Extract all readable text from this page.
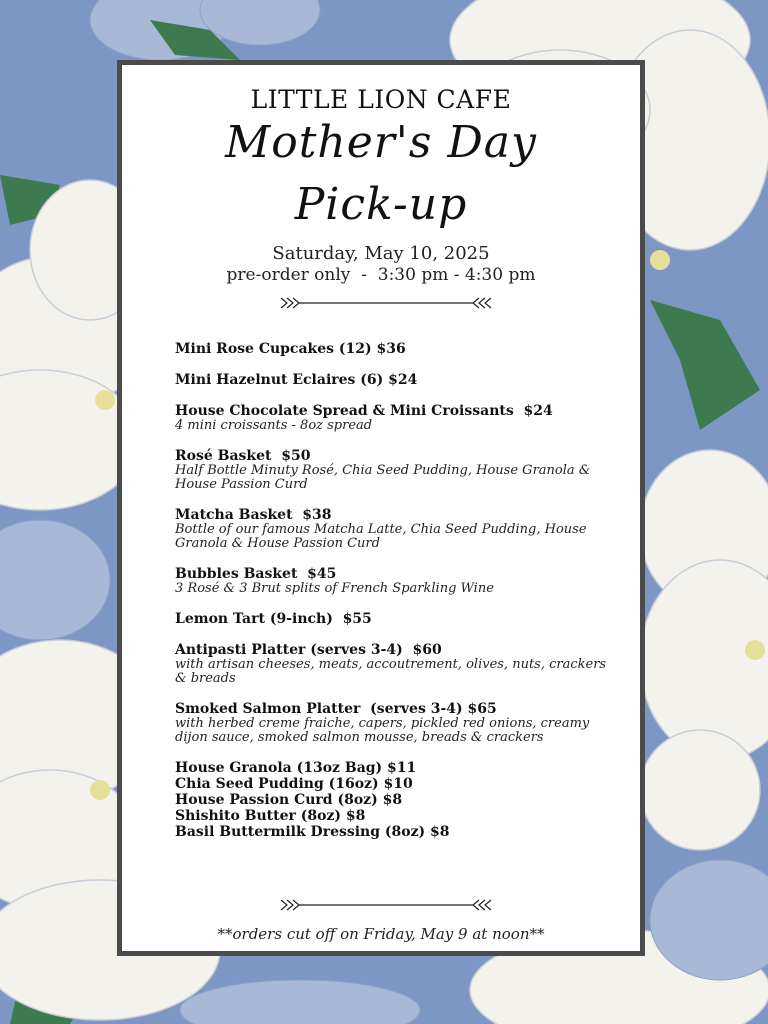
LITTLE LION CAFE
Mother's Day
Pick-up
Saturday, May 10, 2025
pre-order only  -  3:30 pm - 4:30 pm
Mini Rose Cupcakes (12) $36
Mini Hazelnut Eclaires (6) $24
House Chocolate Spread & Mini Croissants  $24
4 mini croissants - 8oz spread
Rosé Basket  $50
Half Bottle Minuty Rosé, Chia Seed Pudding, House Granola & House Passion Curd
Matcha Basket  $38
Bottle of our famous Matcha Latte, Chia Seed Pudding, House Granola & House Passion Curd
Bubbles Basket  $45
3 Rosé & 3 Brut splits of French Sparkling Wine
Lemon Tart (9-inch)  $55
Antipasti Platter (serves 3-4)  $60
with artisan cheeses, meats, accoutrement, olives, nuts, crackers & breads
Smoked Salmon Platter  (serves 3-4) $65
with herbed creme fraiche, capers, pickled red onions, creamy dijon sauce, smoked salmon mousse, breads & crackers
House Granola (13oz Bag) $11
Chia Seed Pudding (16oz) $10
House Passion Curd (8oz) $8
Shishito Butter (8oz) $8
Basil Buttermilk Dressing (8oz) $8
**orders cut off on Friday, May 9 at noon**
